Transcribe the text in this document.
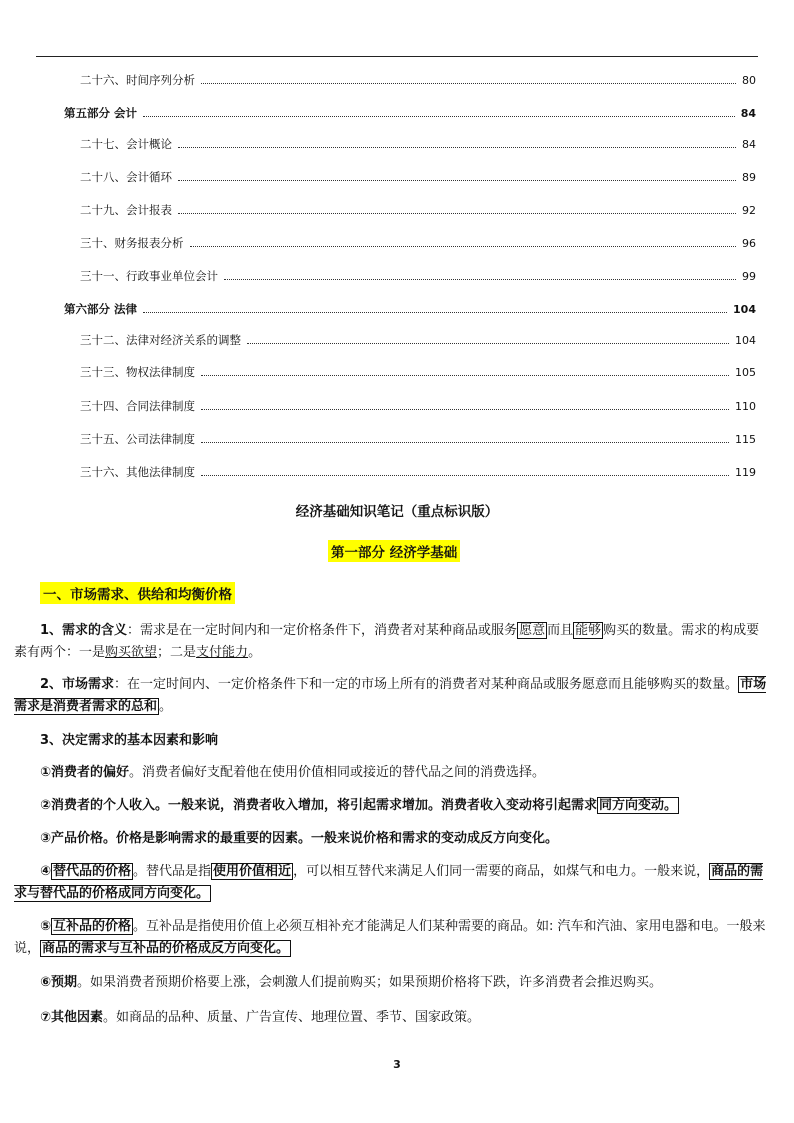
二十六、时间序列分析	80
第五部分 会计	84
二十七、会计概论	84
二十八、会计循环	89
二十九、会计报表	92
三十、财务报表分析	96
三十一、行政事业单位会计	99
第六部分 法律	104
三十二、法律对经济关系的调整	104
三十三、物权法律制度	105
三十四、合同法律制度	110
三十五、公司法律制度	115
三十六、其他法律制度	119
经济基础知识笔记（重点标识版）
第一部分 经济学基础
一、市场需求、供给和均衡价格
1、需求的含义：需求是在一定时间内和一定价格条件下，消费者对某种商品或服务 愿意 而且 能够 购买的数量。需求的构成要素有两个：一是购买欲望；二是支付能力。
2、市场需求：在一定时间内、一定价格条件下和一定的市场上所有的消费者对某种商品或服务愿意而且能够购买的数量。 市场需求是消费者需求的总和 。
3、决定需求的基本因素和影响
①消费者的偏好。消费者偏好支配着他在使用价值相同或接近的替代品之间的消费选择。
②消费者的个人收入。一般来说，消费者收入增加，将引起需求增加。消费者收入变动将引起需求 同方向变动。
③产品价格。价格是影响需求的最重要的因素。一般来说价格和需求的变动成反方向变化。
④ 替代品的价格 。替代品是指 使用价值相近 ，可以相互替代来满足人们同一需要的商品，如煤气和电力。一般来说， 商品的需求与替代品的价格成同方向变化。
⑤ 互补品的价格 。互补品是指使用价值上必须互相补充才能满足人们某种需要的商品。如: 汽车和汽油、家用电器和电。一般来说， 商品的需求与互补品的价格成反方向变化。
⑥预期。如果消费者预期价格要上涨，会刺激人们提前购买；如果预期价格将下跌，许多消费者会推迟购买。
⑦其他因素。如商品的品种、质量、广告宣传、地理位置、季节、国家政策。
3
